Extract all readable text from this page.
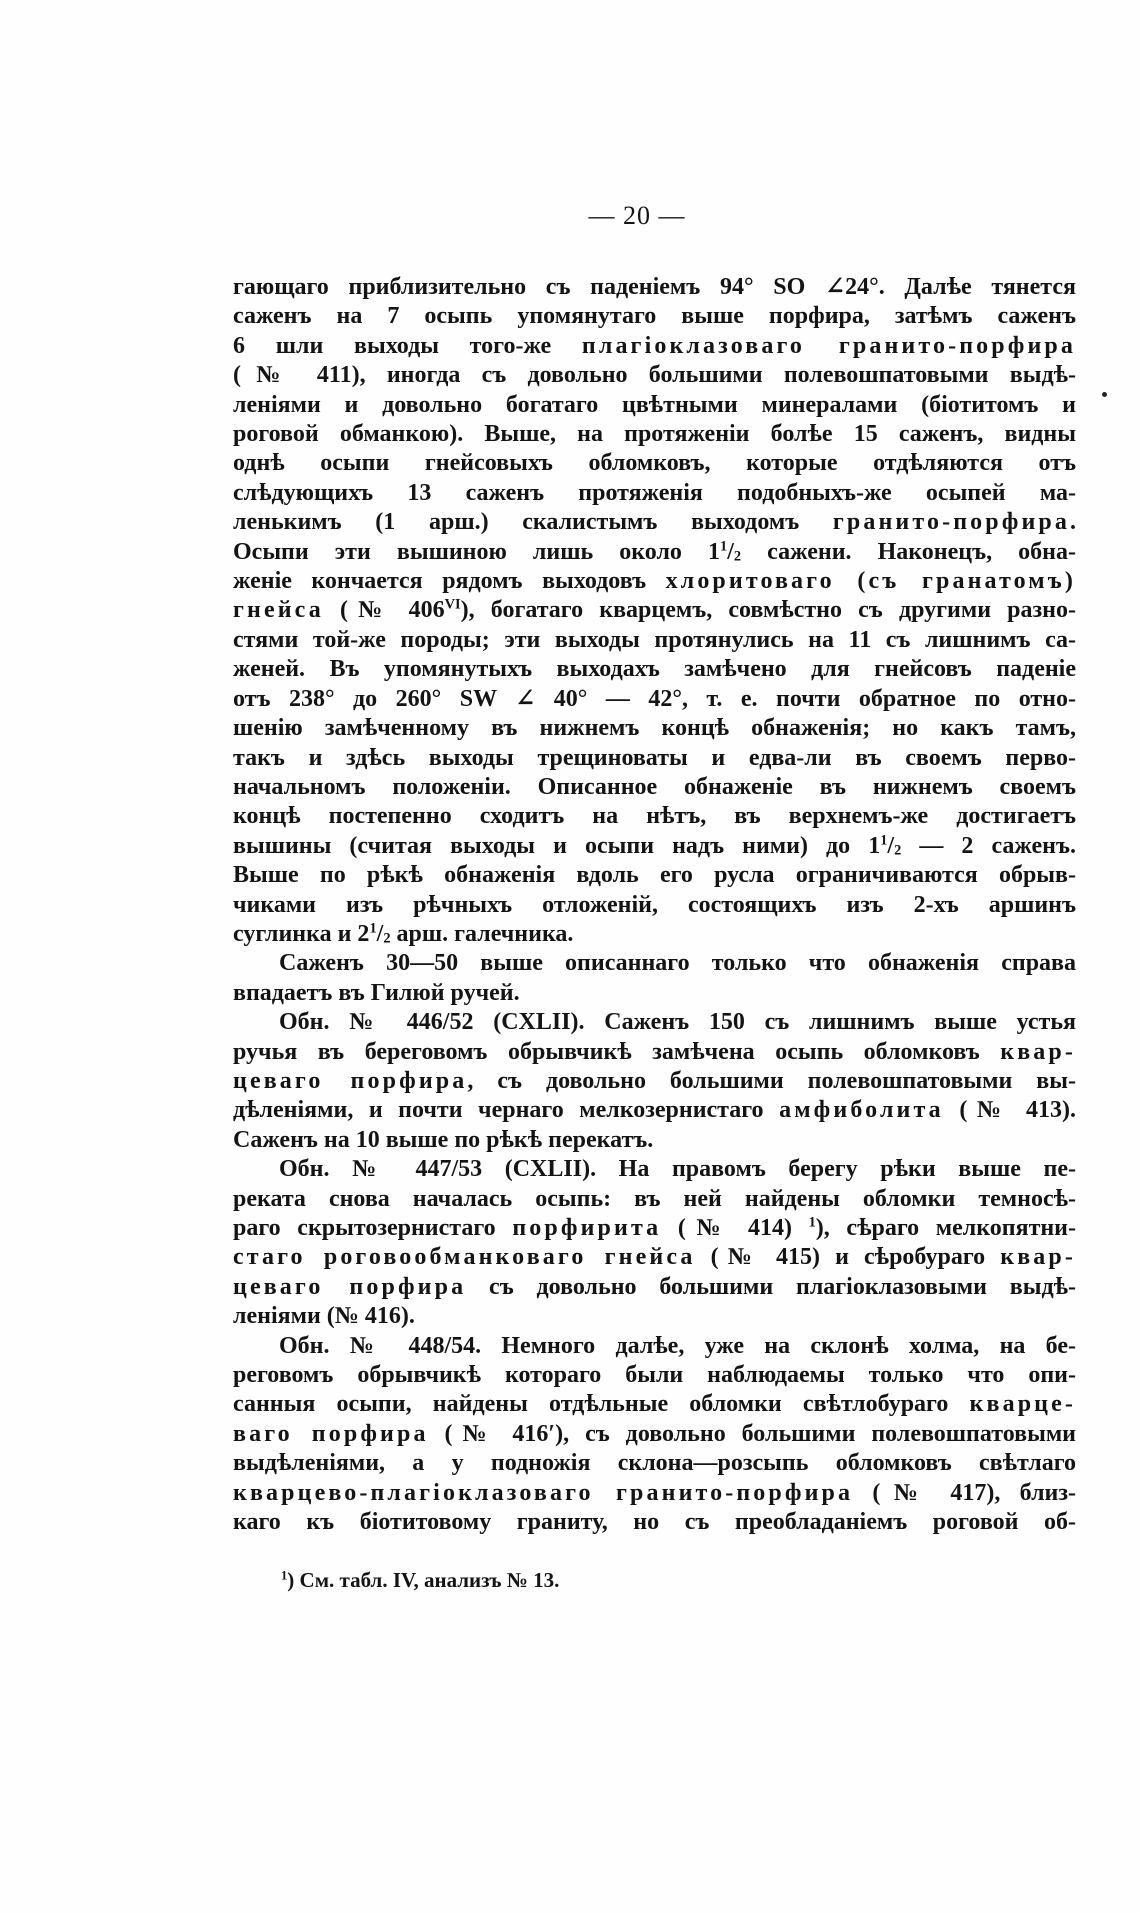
— 20 —
гающаго приблизительно съ паденіемъ 94° SO ∠24°. Далѣе тянется
саженъ на 7 осыпь упомянутаго выше порфира, затѣмъ саженъ
6 шли выходы того-же плагіоклазоваго гранито-порфира
(№ 411), иногда съ довольно большими полевошпатовыми выдѣ-
леніями и довольно богатаго цвѣтными минералами (біотитомъ и
роговой обманкою). Выше, на протяженіи болѣе 15 саженъ, видны
однѣ осыпи гнейсовыхъ обломковъ, которые отдѣляются отъ
слѣдующихъ 13 саженъ протяженія подобныхъ-же осыпей ма-
ленькимъ (1 арш.) скалистымъ выходомъ гранито-порфира.
Осыпи эти вышиною лишь около $1^1/2$ сажени. Наконецъ, обна-
женіе кончается рядомъ выходовъ хлоритоваго (съ гранатомъ)
гнейса (№ $406^{VI}$), богатаго кварцемъ, совмѣстно съ другими разно-
стями той-же породы; эти выходы протянулись на 11 съ лишнимъ са-
женей. Въ упомянутыхъ выходахъ замѣчено для гнейсовъ паденіе
отъ 238° до 260° SW ∠ 40° — 42°, т. е. почти обратное по отно-
шенію замѣченному въ нижнемъ концѣ обнаженія; но какъ тамъ,
такъ и здѣсь выходы трещиноваты и едва-ли въ своемъ перво-
начальномъ положеніи. Описанное обнаженіе въ нижнемъ своемъ
концѣ постепенно сходитъ на нѣтъ, въ верхнемъ-же достигаетъ
вышины (считая выходы и осыпи надъ ними) до $1^1/2$ — 2 саженъ.
Выше по рѣкѣ обнаженія вдоль его русла ограничиваются обрыв-
чиками изъ рѣчныхъ отложеній, состоящихъ изъ 2-хъ аршинъ
суглинка и $2^1/2$ арш. галечника.
Саженъ 30—50 выше описаннаго только что обнаженія справа
впадаетъ въ Гилюй ручей.
Обн. № 446/52 (CXLII). Саженъ 150 съ лишнимъ выше устья
ручья въ береговомъ обрывчикѣ замѣчена осыпь обломковъ квар-
цеваго порфира, съ довольно большими полевошпатовыми вы-
дѣленіями, и почти чернаго мелкозернистаго амфиболита (№ 413).
Саженъ на 10 выше по рѣкѣ перекатъ.
Обн. № 447/53 (CXLII). На правомъ берегу рѣки выше пе-
реката снова началась осыпь: въ ней найдены обломки темносѣ-
раго скрытозернистаго порфирита (№ 414) $^1$), сѣраго мелкопятни-
стаго роговообманковаго гнейса (№ 415) и сѣробураго квар-
цеваго порфира съ довольно большими плагіоклазовыми выдѣ-
леніями (№ 416).
Обн. № 448/54. Немного далѣе, уже на склонѣ холма, на бе-
реговомъ обрывчикѣ котораго были наблюдаемы только что опи-
санныя осыпи, найдены отдѣльные обломки свѣтлобураго кварце-
ваго порфира (№ 416′), съ довольно большими полевошпатовыми
выдѣленіями, а у подножія склона—розсыпь обломковъ свѣтлаго
кварцево-плагіоклазоваго гранито-порфира (№ 417), близ-
каго къ біотитовому граниту, но съ преобладаніемъ роговой об-
$^1$) См. табл. IV, анализъ № 13.
